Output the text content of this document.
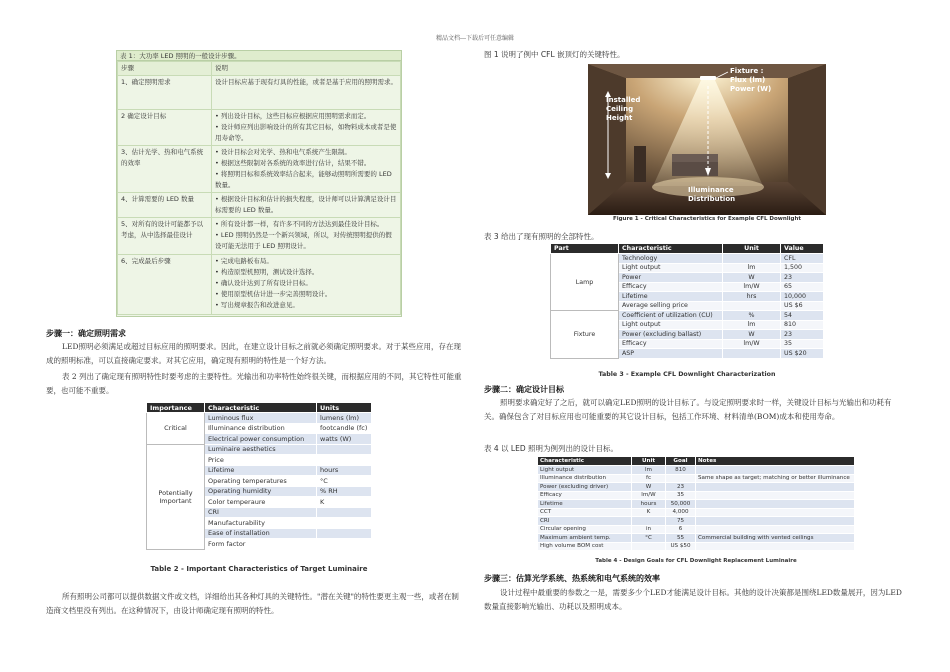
精品文档---下载后可任意编辑
表 1：大功率 LED 照明的一般设计步骤。
步骤	说明
1、确定照明需求	设计目标应基于现有灯具的性能，或者是基于应用的照明需求。
2 确定设计目标	• 列出设计目标，这些目标应根据应用照明需求而定。
• 设计师应列出影响设计的所有其它目标，如物料成本或者是使用寿命等。
3、估计光学、热和电气系统的效率	• 设计目标会对光学、热和电气系统产生限制。
• 根据这些限制对各系统的效率进行估计，结果不错。
• 将照明目标和系统效率结合起来，能够动照明所需要的 LED 数量。
4、计算需要的 LED 数量	• 根据设计目标和估计的损失程度，设计师可以计算满足设计目标需要的 LED 数量。
5、对所有的设计可能都予以考虑，从中选择最佳设计	• 所有设计都一样，有许多不同的方法达到最佳设计目标。
• LED 照明仍然是一个新兴领域，所以，对传统照明提供的假设可能无法用于 LED 照明设计。
6、完成最后步骤	• 完成电路板布局。
• 构造原型机照明，测试设计选择。
• 确认设计达到了所有设计目标。
• 使用原型机估计进一步完善照明设计。
• 写出规章报告和改进意见。
步骤一：确定照明需求
LED照明必须满足或超过目标应用的照明要求。因此，在建立设计目标之前就必须确定照明要求。对于某些应用，存在现成的照明标准，可以直接确定要求。对其它应用，确定现有照明的特性是一个好方法。
表 2 列出了确定现有照明特性时要考虑的主要特性。光输出和功率特性始终很关键，而根据应用的不同，其它特性可能重要，也可能不重要。
Importance	Characteristic	Units
Critical	Luminous flux	lumens (lm)
	Illuminance distribution	footcandle (fc)
	Electrical power consumption	watts (W)
Potentially Important	Luminaire aesthetics	
	Price	
	Lifetime	hours
	Operating temperatures	°C
	Operating humidity	% RH
	Color temperaure	K
	CRI	
	Manufacturability	
	Ease of installation	
	Form factor	
Table 2 - Important Characteristics of Target Luminaire
所有照明公司都可以提供数据文件或文档，详细给出其各种灯具的关键特性。"潜在关键"的特性要更主观一些，或者在制造商文档里没有列出。在这种情况下，由设计师确定现有照明的特性。
图 1 说明了例中 CFL 嵌顶灯的关键特性。
Installed
Ceiling
Height
Fixture :
Flux (lm)
Power (W)
Illuminance
Distribution
Figure 1 - Critical Characteristics for Example CFL Downlight
表 3 给出了现有照明的全部特性。
Part	Characteristic	Unit	Value
Lamp	Technology		CFL
	Light output	lm	1,500
	Power	W	23
	Efficacy	lm/W	65
	Lifetime	hrs	10,000
	Average selling price		US $6
Fixture	Coefficient of utilization (CU)	%	54
	Light output	lm	810
	Power (excluding ballast)	W	23
	Efficacy	lm/W	35
	ASP		US $20
Table 3 - Example CFL Downlight Characterization
步骤二：确定设计目标
照明要求确定好了之后，就可以确定LED照明的设计目标了。与设定照明要求时一样，关键设计目标与光输出和功耗有关。确保包含了对目标应用也可能重要的其它设计目标，包括工作环境、材料清单(BOM)成本和使用寿命。
表 4 以 LED 照明为例列出的设计目标。
Characteristic	Unit	Goal	Notes
Light output	lm	810	
Illuminance distribution	fc		Same shape as target; matching or better illuminance
Power (excluding driver)	W	23	
Efficacy	lm/W	35	
Lifetime	hours	50,000	
CCT	K	4,000	
CRI		75	
Circular opening	in	6	
Maximum ambient temp.	°C	55	Commercial building with vented ceilings
High volume BOM cost		US $50	
Table 4 - Design Goals for CFL Downlight Replacement Luminaire
步骤三：估算光学系统、热系统和电气系统的效率
设计过程中最重要的参数之一是，需要多少个LED才能满足设计目标。其他的设计决策都是围绕LED数量展开，因为LED数量直接影响光输出、功耗以及照明成本。
